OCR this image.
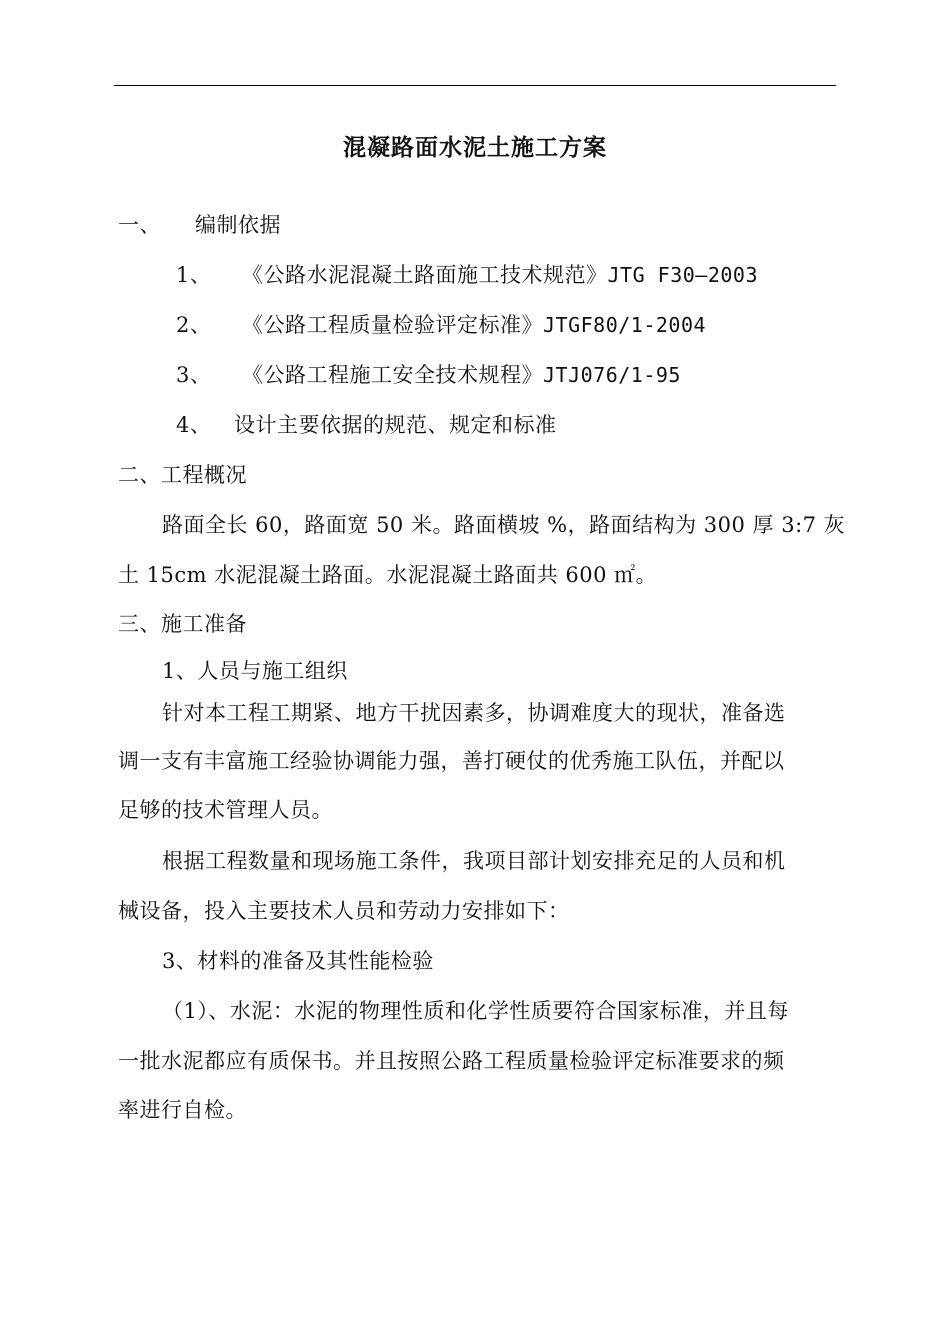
混凝路面水泥土施工方案
一、 编制依据
1、 《公路水泥混凝土路面施工技术规范》JTG F30—2003
2、 《公路工程质量检验评定标准》JTGF80/1-2004
3、 《公路工程施工安全技术规程》JTJ076/1-95
4、 设计主要依据的规范、规定和标准
二、工程概况
路面全长 60，路面宽 50 米。路面横坡 %，路面结构为 300 厚 3:7 灰
土 15cm 水泥混凝土路面。水泥混凝土路面共 600 ㎡。
三、施工准备
1、人员与施工组织
针对本工程工期紧、地方干扰因素多，协调难度大的现状，准备选
调一支有丰富施工经验协调能力强，善打硬仗的优秀施工队伍，并配以
足够的技术管理人员。
根据工程数量和现场施工条件，我项目部计划安排充足的人员和机
械设备，投入主要技术人员和劳动力安排如下：
3、材料的准备及其性能检验
（1）、水泥：水泥的物理性质和化学性质要符合国家标准，并且每
一批水泥都应有质保书。并且按照公路工程质量检验评定标准要求的频
率进行自检。
